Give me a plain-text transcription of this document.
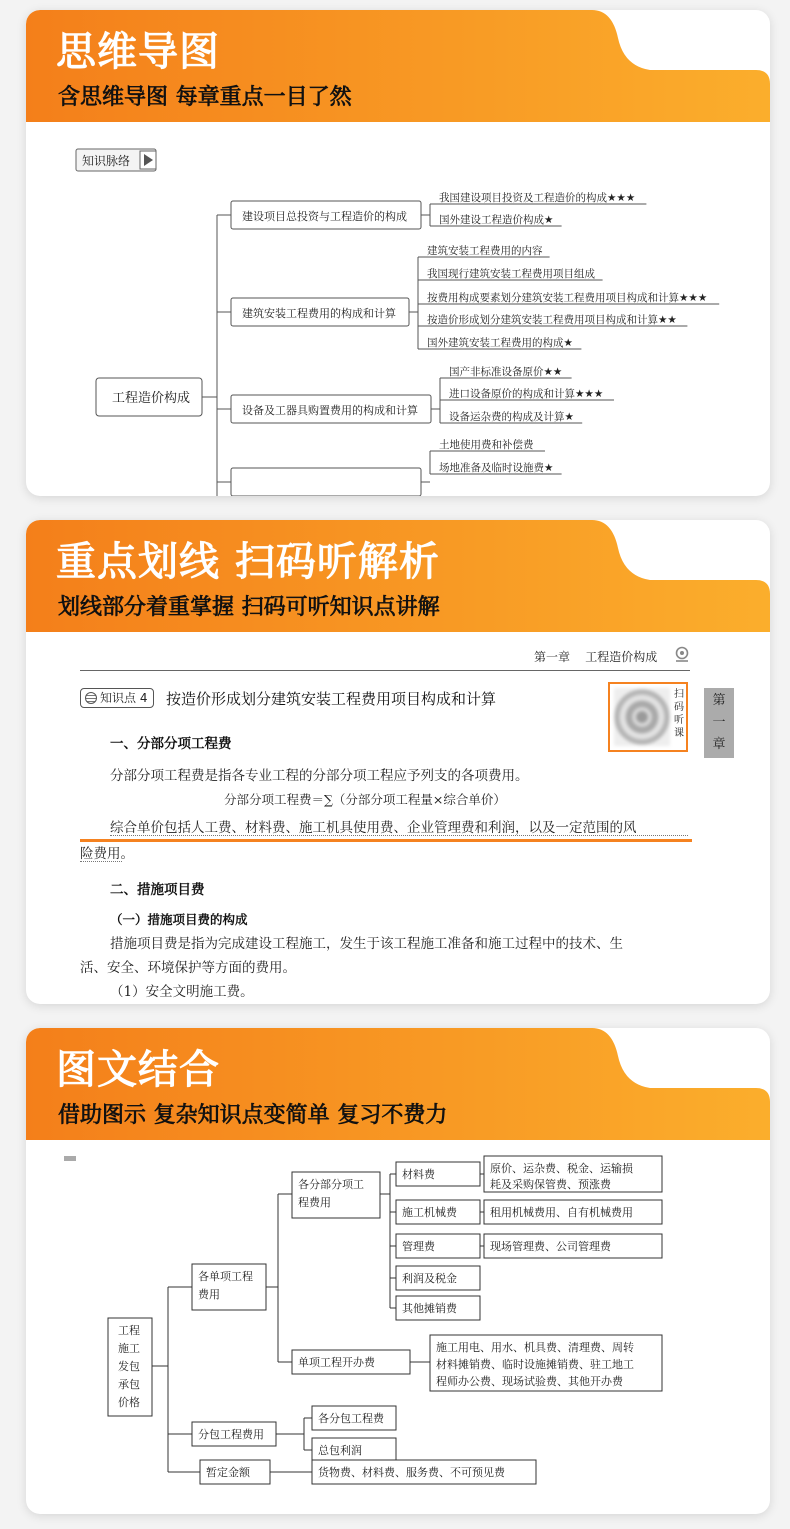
思维导图
含思维导图 每章重点一目了然
知识脉络
工程造价构成
建设项目总投资与工程造价的构成
我国建设项目投资及工程造价的构成★★★
国外建设工程造价构成★
建筑安装工程费用的构成和计算
建筑安装工程费用的内容
我国现行建筑安装工程费用项目组成
按费用构成要素划分建筑安装工程费用项目构成和计算★★★
按造价形成划分建筑安装工程费用项目构成和计算★★
国外建筑安装工程费用的构成★
设备及工器具购置费用的构成和计算
国产非标准设备原价★★
进口设备原价的构成和计算★★★
设备运杂费的构成及计算★
土地使用费和补偿费
场地准备及临时设施费★
重点划线 扫码听解析
划线部分着重掌握 扫码可听知识点讲解
第一章    工程造价构成
知识点 4	按造价形成划分建筑安装工程费用项目构成和计算	扫
码
听
课
第
一
章
一、分部分项工程费
分部分项工程费是指各专业工程的分部分项工程应予列支的各项费用。
分部分项工程费＝∑（分部分项工程量×综合单价）
综合单价包括人工费、材料费、施工机具使用费、企业管理费和利润，以及一定范围的风
险费用。
二、措施项目费
（一）措施项目费的构成
措施项目费是指为完成建设工程施工，发生于该工程施工准备和施工过程中的技术、生
活、安全、环境保护等方面的费用。
（1）安全文明施工费。
图文结合
借助图示 复杂知识点变简单 复习不费力
工程
施工
发包
承包
价格
各单项工程
费用
分包工程费用
暂定金额
各分部分项工
程费用
单项工程开办费
施工用电、用水、机具费、清理费、周转
材料摊销费、临时设施摊销费、驻工地工
程师办公费、现场试验费、其他开办费
材料费
施工机械费
管理费
利润及税金
其他摊销费
原价、运杂费、税金、运输损
耗及采购保管费、预涨费
租用机械费用、自有机械费用
现场管理费、公司管理费
各分包工程费
总包利润
货物费、材料费、服务费、不可预见费
